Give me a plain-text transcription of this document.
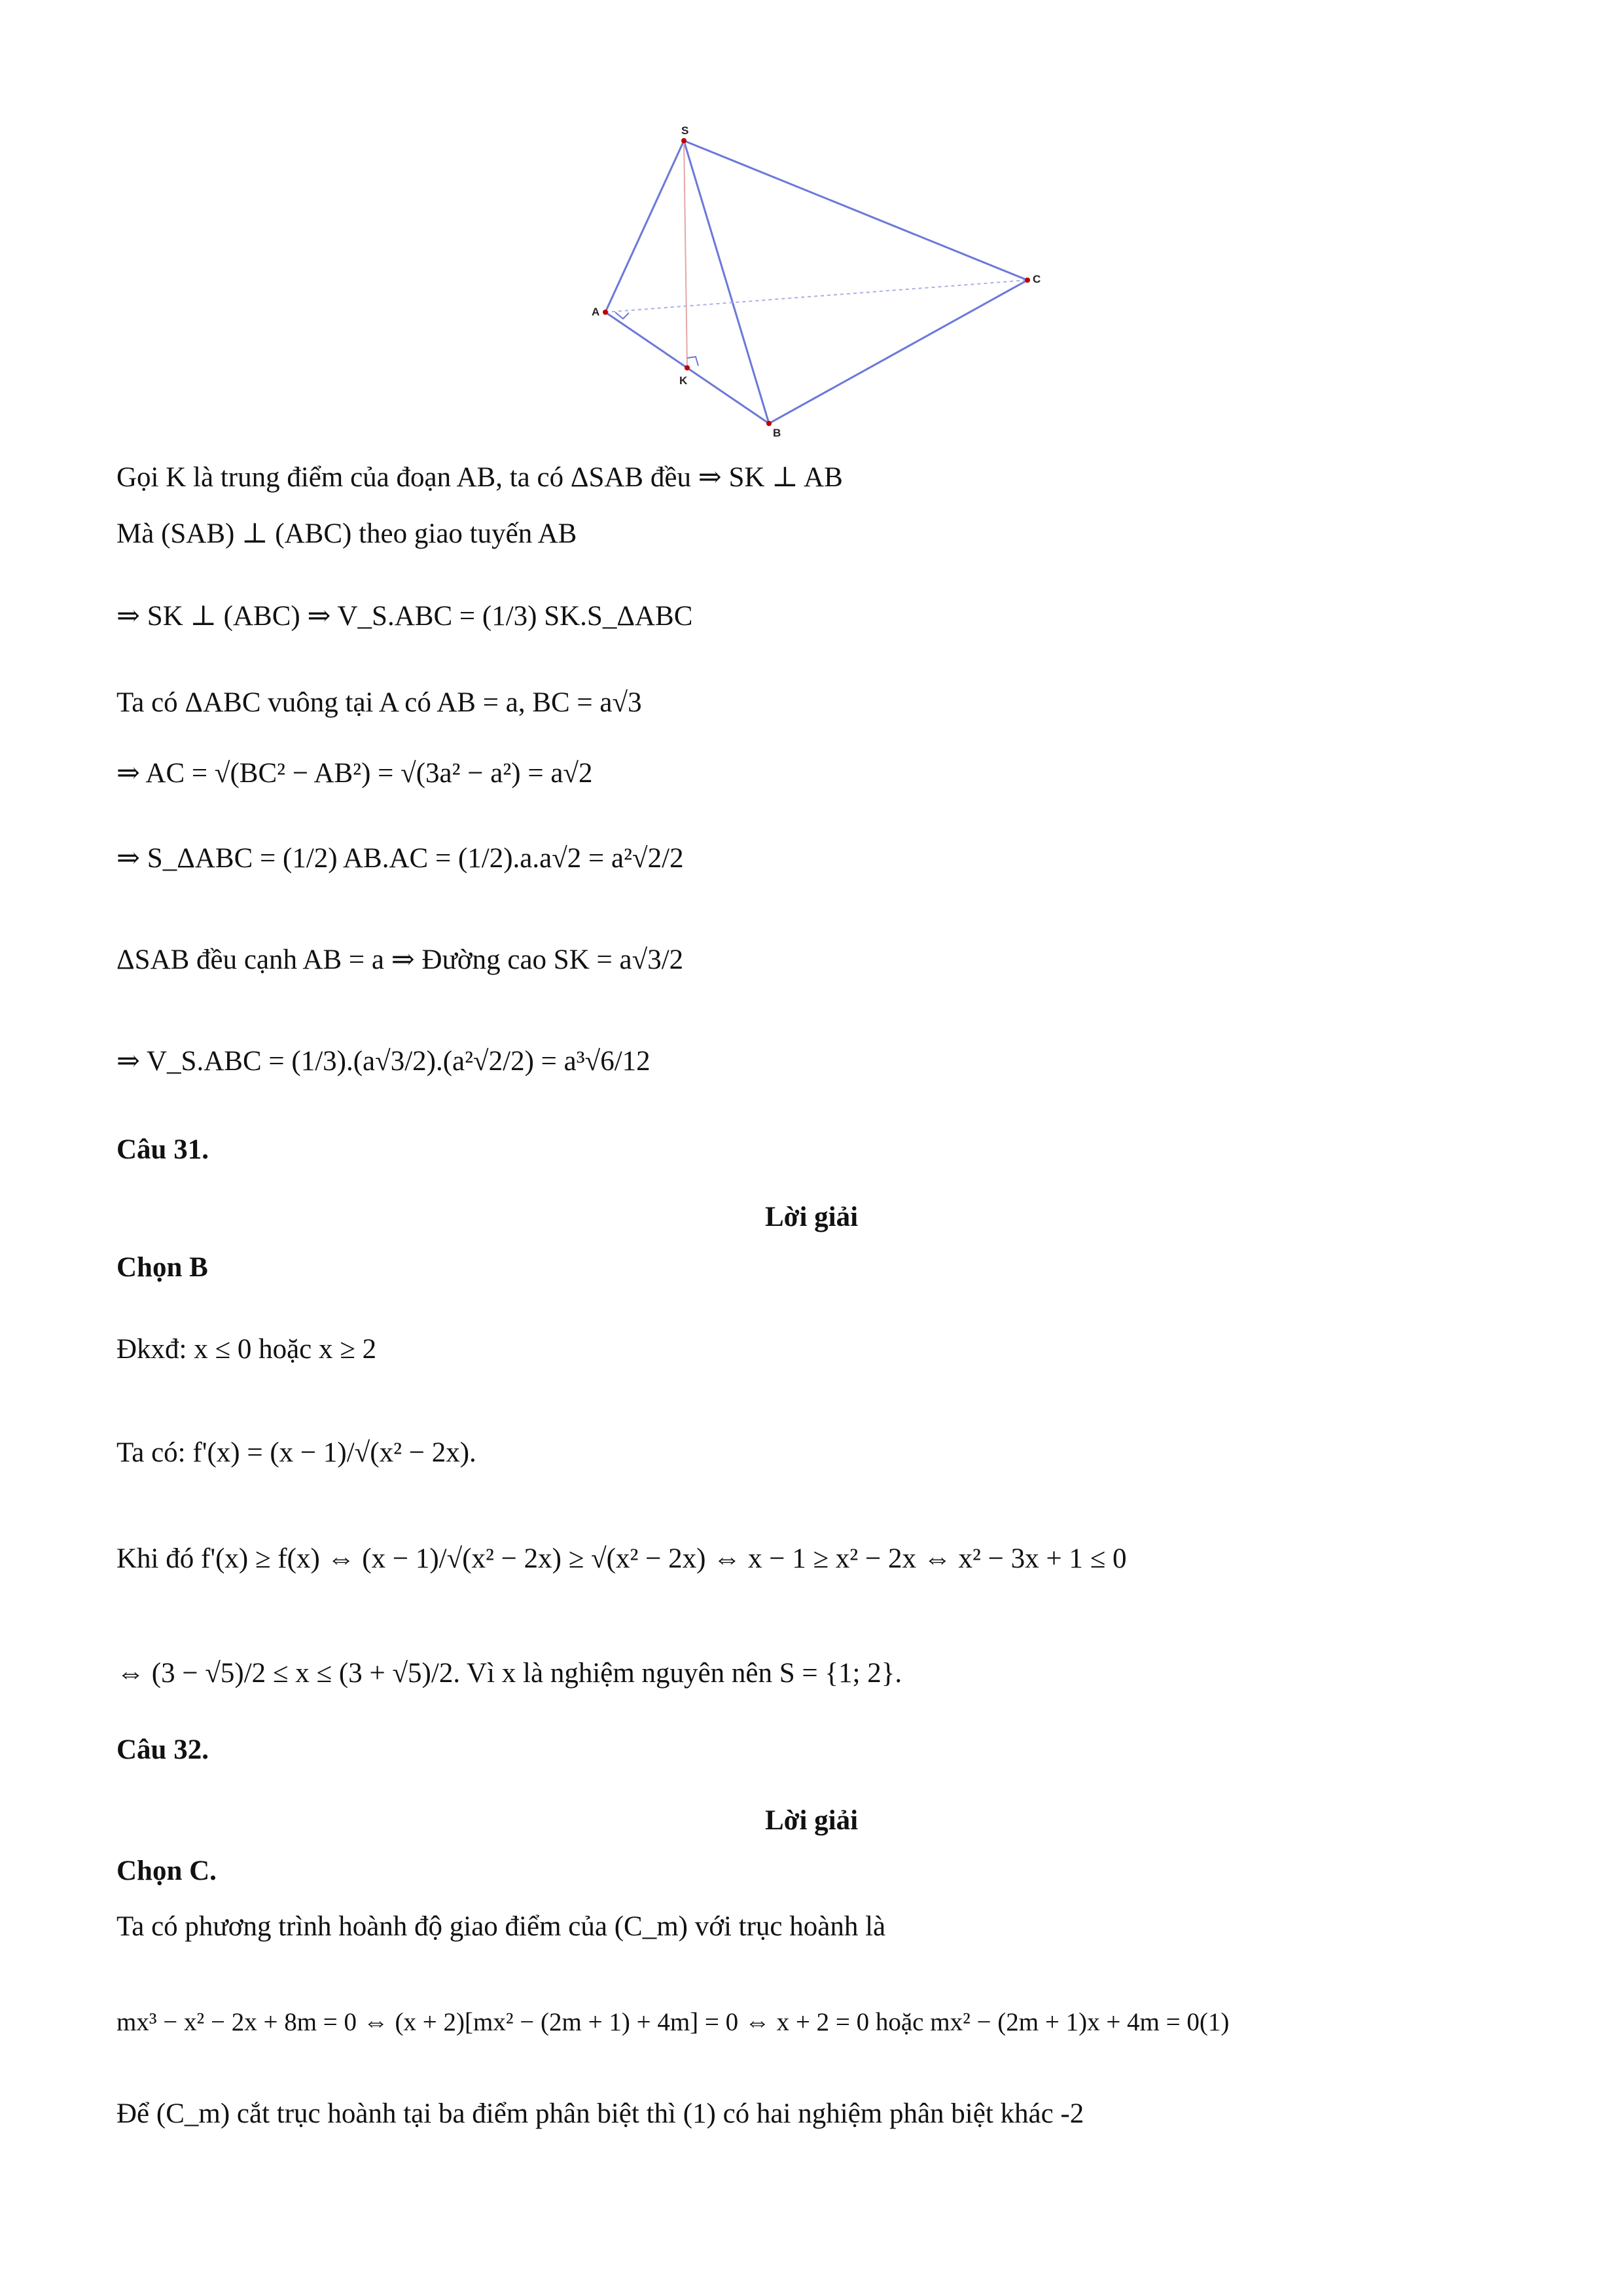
S
A
B
C
K
Gọi K là trung điểm của đoạn AB, ta có ΔSAB đều ⇒ SK ⊥ AB
Mà (SAB) ⊥ (ABC) theo giao tuyến AB
⇒ SK ⊥ (ABC) ⇒ V_S.ABC = (1/3) SK.S_ΔABC
Ta có ΔABC vuông tại A có AB = a, BC = a√3
⇒ AC = √(BC² − AB²) = √(3a² − a²) = a√2
⇒ S_ΔABC = (1/2) AB.AC = (1/2).a.a√2 = a²√2/2
ΔSAB đều cạnh AB = a ⇒ Đường cao SK = a√3/2
⇒ V_S.ABC = (1/3).(a√3/2).(a²√2/2) = a³√6/12
Câu 31.
Lời giải
Chọn B
Đkxđ: x ≤ 0 hoặc x ≥ 2
Ta có: f'(x) = (x − 1)/√(x² − 2x).
Khi đó f'(x) ≥ f(x) ⇔ (x − 1)/√(x² − 2x) ≥ √(x² − 2x) ⇔ x − 1 ≥ x² − 2x ⇔ x² − 3x + 1 ≤ 0
⇔ (3 − √5)/2 ≤ x ≤ (3 + √5)/2. Vì x là nghiệm nguyên nên S = {1; 2}.
Câu 32.
Lời giải
Chọn C.
Ta có phương trình hoành độ giao điểm của (C_m) với trục hoành là
mx³ − x² − 2x + 8m = 0 ⇔ (x + 2)[mx² − (2m + 1) + 4m] = 0 ⇔ x + 2 = 0 hoặc mx² − (2m + 1)x + 4m = 0(1)
Để (C_m) cắt trục hoành tại ba điểm phân biệt thì (1) có hai nghiệm phân biệt khác -2
